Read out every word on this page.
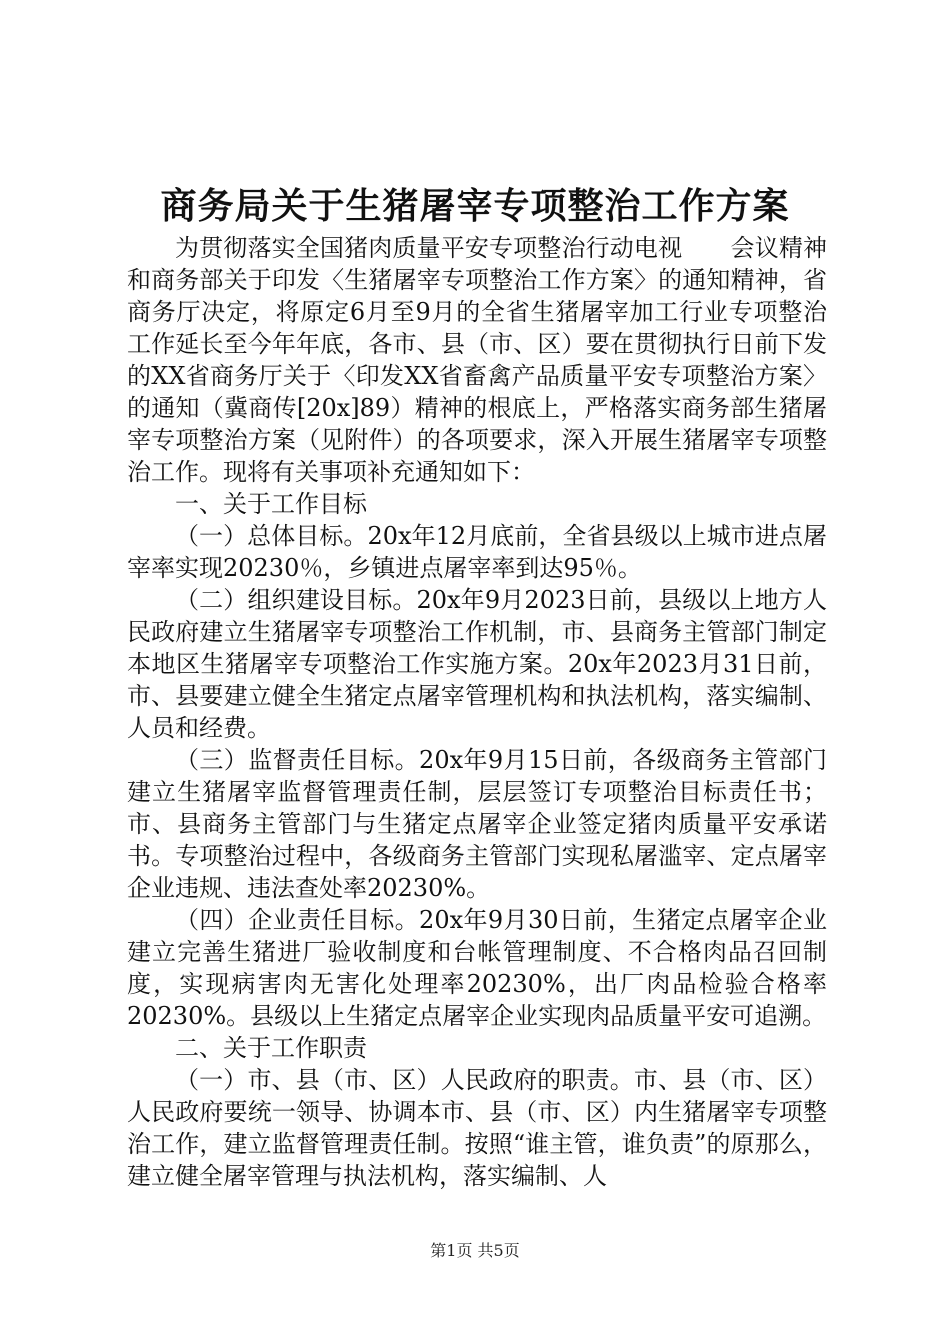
商务局关于生猪屠宰专项整治工作方案

为贯彻落实全国猪肉质量平安专项整治行动电视　　会议精神和商务部关于印发〈生猪屠宰专项整治工作方案〉的通知精神，省商务厅决定，将原定6月至9月的全省生猪屠宰加工行业专项整治工作延长至今年年底，各市、县（市、区）要在贯彻执行日前下发的XX省商务厅关于〈印发XX省畜禽产品质量平安专项整治方案〉的通知（冀商传[20x]89）精神的根底上，严格落实商务部生猪屠宰专项整治方案（见附件）的各项要求，深入开展生猪屠宰专项整治工作。现将有关事项补充通知如下：

一、关于工作目标

（一）总体目标。20x年12月底前，全省县级以上城市进点屠宰率实现20230％，乡镇进点屠宰率到达95％。

（二）组织建设目标。20x年9月2023日前，县级以上地方人民政府建立生猪屠宰专项整治工作机制，市、县商务主管部门制定本地区生猪屠宰专项整治工作实施方案。20x年2023月31日前，市、县要建立健全生猪定点屠宰管理机构和执法机构，落实编制、人员和经费。

（三）监督责任目标。20x年9月15日前，各级商务主管部门建立生猪屠宰监督管理责任制，层层签订专项整治目标责任书；市、县商务主管部门与生猪定点屠宰企业签定猪肉质量平安承诺书。专项整治过程中，各级商务主管部门实现私屠滥宰、定点屠宰企业违规、违法查处率20230%。

（四）企业责任目标。20x年9月30日前，生猪定点屠宰企业建立完善生猪进厂验收制度和台帐管理制度、不合格肉品召回制度，实现病害肉无害化处理率20230%，出厂肉品检验合格率20230%。县级以上生猪定点屠宰企业实现肉品质量平安可追溯。

二、关于工作职责

（一）市、县（市、区）人民政府的职责。市、县（市、区）人民政府要统一领导、协调本市、县（市、区）内生猪屠宰专项整治工作，建立监督管理责任制。按照“谁主管，谁负责”的原那么，建立健全屠宰管理与执法机构，落实编制、人

第1页 共5页
